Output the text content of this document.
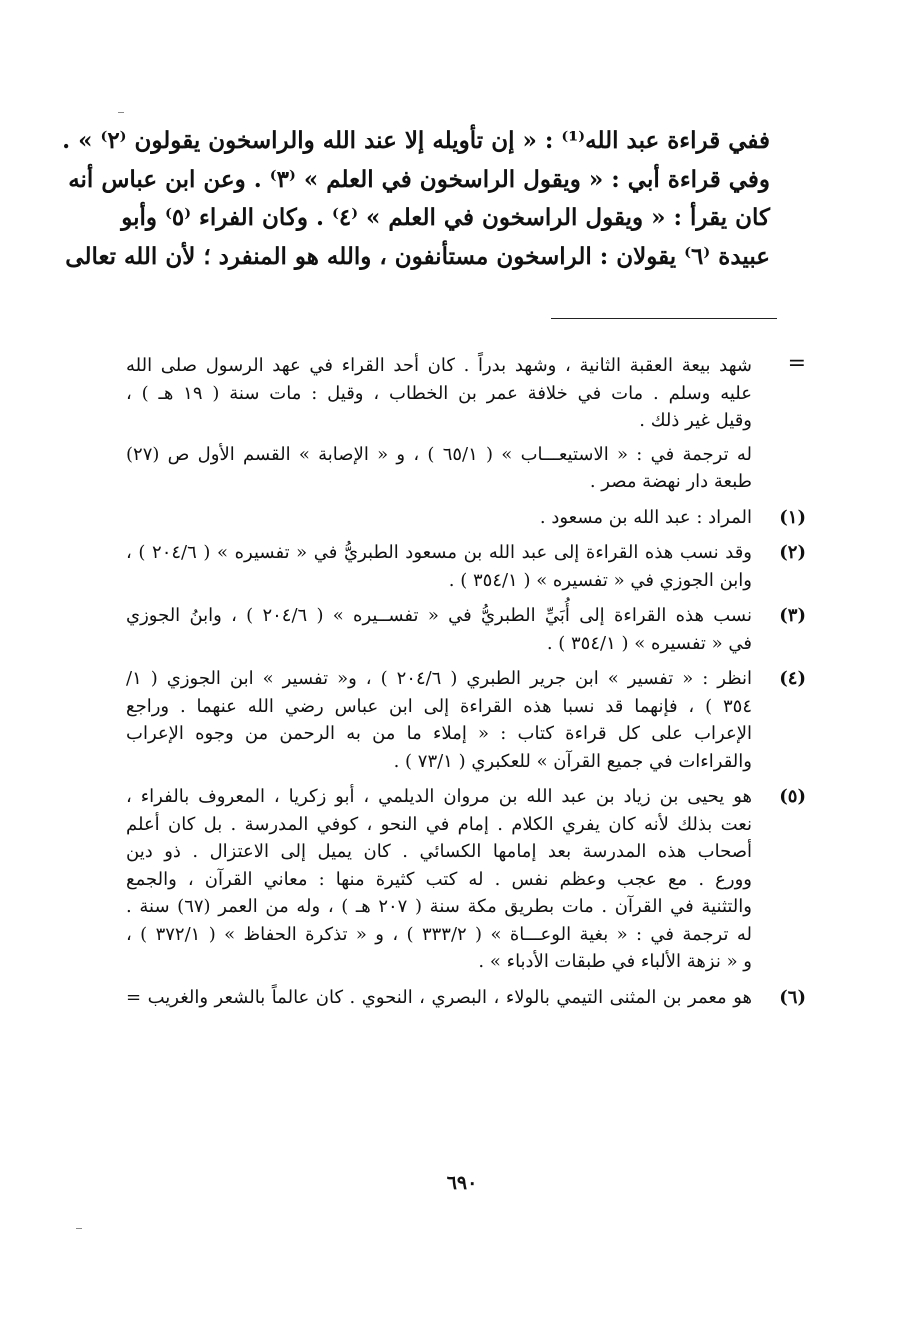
ففي قراءة عبد الله⁽¹⁾ : « إن تأويله إلا عند الله والراسخون يقولون ⁽٢⁾ » .
وفي قراءة أبي : « ويقول الراسخون في العلم » ⁽٣⁾ . وعن ابن عباس أنه
كان يقرأ : « ويقول الراسخون في العلم » ⁽٤⁾ . وكان الفراء ⁽٥⁾ وأبو
عبيدة ⁽٦⁾ يقولان : الراسخون مستأنفون ، والله هو المنفرد ؛ لأن الله تعالى
=
شهد بيعة العقبة الثانية ، وشهد بدراً . كان أحد القراء في عهد الرسول صلى الله
عليه وسلم . مات في خلافة عمر بن الخطاب ، وقيل : مات سنة ( ١٩ هـ ) ،
وقيل غير ذلك .
له ترجمة في : « الاستيعـــاب » ( ٦٥/١ ) ، و « الإصابة » القسم الأول ص (٢٧)
طبعة دار نهضة مصر .
(١)
المراد : عبد الله بن مسعود .
(٢)
وقد نسب هذه القراءة إلى عبد الله بن مسعود الطبريُّ في « تفسيره » ( ٢٠٤/٦ ) ،
وابن الجوزي في « تفسيره » ( ٣٥٤/١ ) .
(٣)
نسب هذه القراءة إلى أُبَيِّ الطبريُّ في « تفســيره » ( ٢٠٤/٦ ) ، وابنُ الجوزي
في « تفسيره » ( ٣٥٤/١ ) .
(٤)
انظر : « تفسير » ابن جرير الطبري ( ٢٠٤/٦ ) ، و« تفسير » ابن الجوزي ( ١/
٣٥٤ ) ، فإنهما قد نسبا هذه القراءة إلى ابن عباس رضي الله عنهما . وراجع
الإعراب على كل قراءة كتاب : « إملاء ما من به الرحمن من وجوه الإعراب
والقراءات في جميع القرآن » للعكبري ( ٧٣/١ ) .
(٥)
هو يحيى بن زياد بن عبد الله بن مروان الديلمي ، أبو زكريا ، المعروف بالفراء ،
نعت بذلك لأنه كان يفري الكلام . إمام في النحو ، كوفي المدرسة . بل كان أعلم
أصحاب هذه المدرسة بعد إمامها الكسائي . كان يميل إلى الاعتزال . ذو دين
وورع . مع عجب وعظم نفس . له كتب كثيرة منها : معاني القرآن ، والجمع
والتثنية في القرآن . مات بطريق مكة سنة ( ٢٠٧ هـ ) ، وله من العمر (٦٧) سنة .
له ترجمة في : « بغية الوعـــاة » ( ٣٣٣/٢ ) ، و « تذكرة الحفاظ » ( ٣٧٢/١ ) ،
و « نزهة الألباء في طبقات الأدباء » .
(٦)
هو معمر بن المثنى التيمي بالولاء ، البصري ، النحوي . كان عالماً بالشعر والغريب =
٦٩٠
